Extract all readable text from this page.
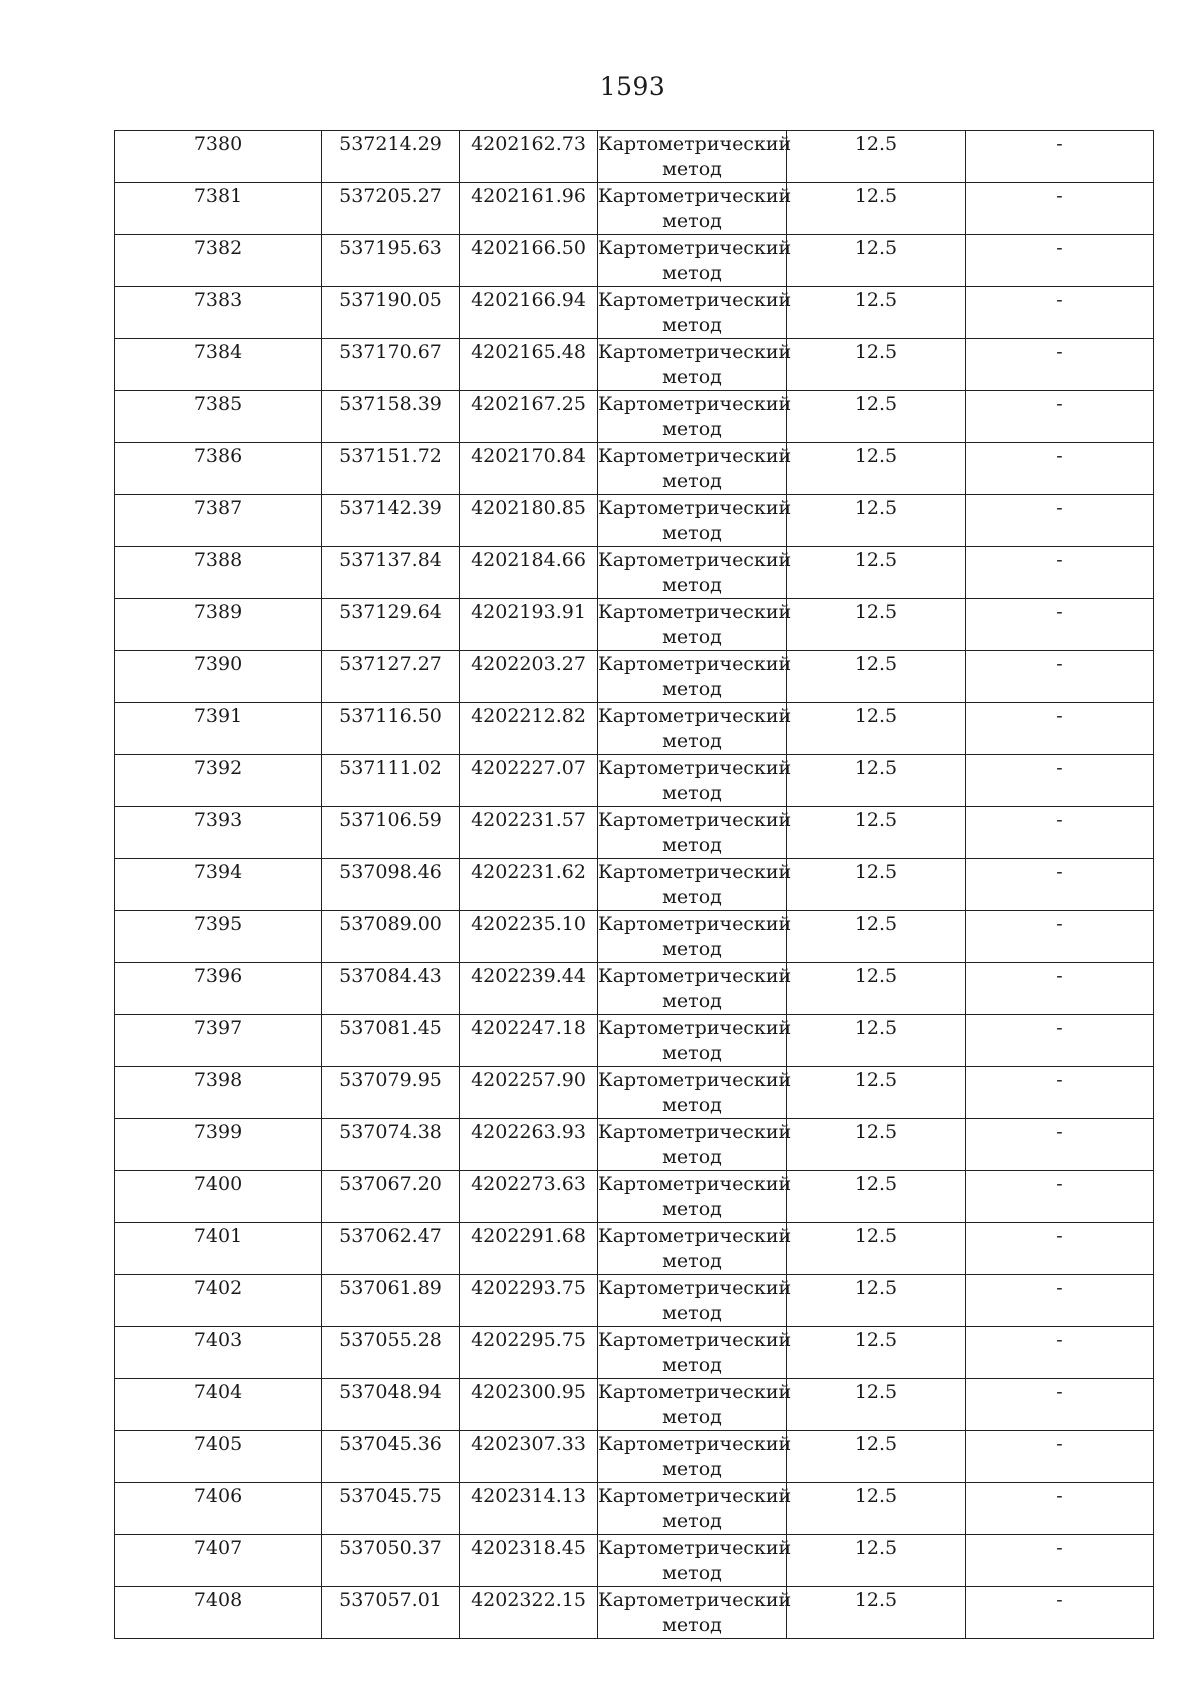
1593
7380	537214.29	4202162.73	Картометрический метод	12.5	-

7381	537205.27	4202161.96	Картометрический метод	12.5	-

7382	537195.63	4202166.50	Картометрический метод	12.5	-

7383	537190.05	4202166.94	Картометрический метод	12.5	-

7384	537170.67	4202165.48	Картометрический метод	12.5	-

7385	537158.39	4202167.25	Картометрический метод	12.5	-

7386	537151.72	4202170.84	Картометрический метод	12.5	-

7387	537142.39	4202180.85	Картометрический метод	12.5	-

7388	537137.84	4202184.66	Картометрический метод	12.5	-

7389	537129.64	4202193.91	Картометрический метод	12.5	-

7390	537127.27	4202203.27	Картометрический метод	12.5	-

7391	537116.50	4202212.82	Картометрический метод	12.5	-

7392	537111.02	4202227.07	Картометрический метод	12.5	-

7393	537106.59	4202231.57	Картометрический метод	12.5	-

7394	537098.46	4202231.62	Картометрический метод	12.5	-

7395	537089.00	4202235.10	Картометрический метод	12.5	-

7396	537084.43	4202239.44	Картометрический метод	12.5	-

7397	537081.45	4202247.18	Картометрический метод	12.5	-

7398	537079.95	4202257.90	Картометрический метод	12.5	-

7399	537074.38	4202263.93	Картометрический метод	12.5	-

7400	537067.20	4202273.63	Картометрический метод	12.5	-

7401	537062.47	4202291.68	Картометрический метод	12.5	-

7402	537061.89	4202293.75	Картометрический метод	12.5	-

7403	537055.28	4202295.75	Картометрический метод	12.5	-

7404	537048.94	4202300.95	Картометрический метод	12.5	-

7405	537045.36	4202307.33	Картометрический метод	12.5	-

7406	537045.75	4202314.13	Картометрический метод	12.5	-

7407	537050.37	4202318.45	Картометрический метод	12.5	-

7408	537057.01	4202322.15	Картометрический метод	12.5	-
